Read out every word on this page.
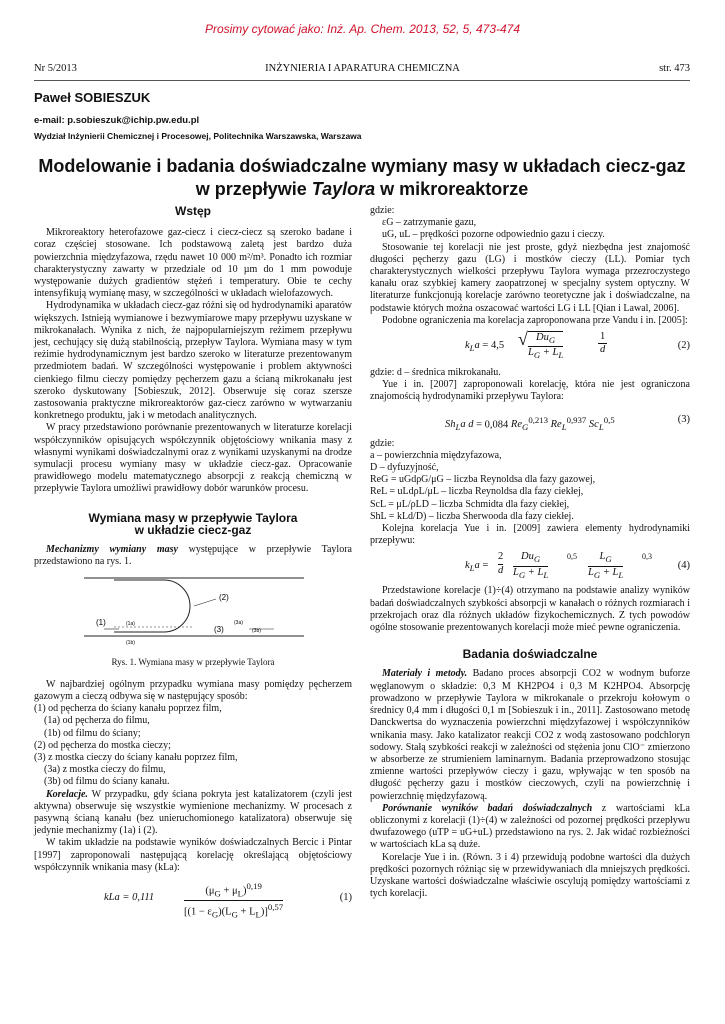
Prosimy cytować jako: Inż. Ap. Chem. 2013, 52, 5, 473-474
Nr 5/2013	INŻYNIERIA I APARATURA CHEMICZNA	str. 473
Paweł SOBIESZUK
e-mail: p.sobieszuk@ichip.pw.edu.pl
Wydział Inżynierii Chemicznej i Procesowej, Politechnika Warszawska, Warszawa
Modelowanie i badania doświadczalne wymiany masy w układach ciecz-gaz
w przepływie Taylora w mikroreaktorze
Wstęp

Mikroreaktory heterofazowe gaz-ciecz i ciecz-ciecz są szeroko badane i coraz częściej stosowane. Ich podstawową zaletą jest bardzo duża powierzchnia międzyfazowa, rzędu nawet 10 000 m²/m³. Ponadto ich rozmiar charakterystyczny zawarty w przedziale od 10 µm do 1 mm powoduje występowanie dużych gradientów stężeń i temperatury. Obie te cechy intensyfikują wymianę masy, w szczególności w układach wielofazowych.

Hydrodynamika w układach ciecz-gaz różni się od hydrodynamiki aparatów większych. Istnieją wymianowe i bezwymiarowe mapy przepływu uzyskane w mikrokanałach. Wynika z nich, że najpopularniejszym reżimem przepływu jest, cechujący się dużą stabilnością, przepływ Taylora. Wymiana masy w tym reżimie hydrodynamicznym jest bardzo szeroko w literaturze prezentowanym przedmiotem badań. W szczególności występowanie i problem aktywności cienkiego filmu cieczy pomiędzy pęcherzem gazu a ścianą mikrokanału jest szeroko dyskutowany [Sobieszuk, 2012]. Obserwuje się coraz szersze zastosowania praktyczne mikroreaktorów gaz-ciecz zarówno w wytwarzaniu konkretnego produktu, jak i w metodach analitycznych.

W pracy przedstawiono porównanie prezentowanych w literaturze korelacji współczynników opisujących współczynnik objętościowy wnikania masy z własnymi wynikami doświadczalnymi oraz z wynikami uzyskanymi na drodze symulacji procesu wymiany masy w układzie ciecz-gaz. Opracowanie prawidłowego modelu matematycznego absorpcji z reakcją chemiczną w przepływie Taylora umożliwi prawidłowy dobór warunków procesu.

Wymiana masy w przepływie Taylora
w układzie ciecz-gaz

Mechanizmy wymiany masy występujące w przepływie Taylora przedstawiono na rys. 1.

(2)
(1)	(1a)
(1b)
(3)
(3a)
(3b)
Rys. 1. Wymiana masy w przepływie Taylora

W najbardziej ogólnym przypadku wymiana masy pomiędzy pęcherzem gazowym a cieczą odbywa się w następujący sposób:

(1) od pęcherza do ściany kanału poprzez film,
(1a) od pęcherza do filmu,
(1b) od filmu do ściany;
(2) od pęcherza do mostka cieczy;
(3) z mostka cieczy do ściany kanału poprzez film,
(3a) z mostka cieczy do filmu,
(3b) od filmu do ściany kanału.

Korelacje. W przypadku, gdy ściana pokryta jest katalizatorem (czyli jest aktywna) obserwuje się wszystkie wymienione mechanizmy. W procesach z pasywną ścianą kanału (bez unieruchomionego katalizatora) obserwuje się jedynie mechanizmy (1a) i (2).

W takim układzie na podstawie wyników doświadczalnych Bercic i Pintar [1997] zaproponowali następującą korelację określającą objętościowy współczynnik wnikania masy (kLa):

kLa = 0,111
$(\mu_G + \mu_L)^{0,19}$
$[(1 - \varepsilon_G)(L_G + L_L)]^{0,57}$
(1)

gdzie:

εG – zatrzymanie gazu,

uG, uL – prędkości pozorne odpowiednio gazu i cieczy.

Stosowanie tej korelacji nie jest proste, gdyż niezbędna jest znajomość długości pęcherzy gazu (LG) i mostków cieczy (LL). Pomiar tych charakterystycznych wielkości przepływu Taylora wymaga przezroczystego kanału oraz szybkiej kamery zaopatrzonej w specjalny system optyczny. W literaturze funkcjonują korelacje zarówno teoretyczne jak i doświadczalne, na podstawie których można oszacować wartości LG i LL [Qian i Lawal, 2006].

Podobne ograniczenia ma korelacja zaproponowana prze Vandu i in. [2005]:

$k_La = 4,5$ √ $Du_G$
$L_G + L_L$
1
d	(2)

gdzie: d – średnica mikrokanału.

Yue i in. [2007] zaproponowali korelację, która nie jest ograniczona znajomością hydrodynamiki przepływu Taylora:

$Sh_La$ d = 0,084 $Re_G^{0,213}$ $Re_L^{0,937}$ $Sc_L^{0,5}$	(3)

gdzie:

a – powierzchnia międzyfazowa,
D – dyfuzyjność,
ReG = uGdρG/μG – liczba Reynoldsa dla fazy gazowej,
ReL = uLdρL/μL – liczba Reynoldsa dla fazy ciekłej,
ScL = μL/ρLD – liczba Schmidta dla fazy ciekłej,
ShL = kLd/D) – liczba Sherwooda dla fazy ciekłej.

Kolejna korelacja Yue i in. [2009] zawiera elementy hydrodynamiki przepływu:

$k_La$ =
2
d
$Du_G$
$L_G + L_L$
0,5	$L_G$
$L_G + L_L$
0,3
(4)

Przedstawione korelacje (1)÷(4) otrzymano na podstawie analizy wyników badań doświadczalnych szybkości absorpcji w kanałach o różnych rozmiarach i przekrojach oraz dla różnych układów fizykochemicznych. Z tych powodów ogólne stosowanie prezentowanych korelacji może mieć pewne ograniczenia.

Badania doświadczalne

Materiały i metody. Badano proces absorpcji CO2 w wodnym buforze węglanowym o składzie: 0,3 M KH2PO4 i 0,3 M K2HPO4. Absorpcję prowadzono w przepływie Taylora w mikrokanale o przekroju kołowym o średnicy 0,4 mm i długości 0,1 m [Sobieszuk i in., 2011]. Zastosowano metodę Danckwertsa do wyznaczenia powierzchni międzyfazowej i współczynników wnikania masy. Jako katalizator reakcji CO2 z wodą zastosowano podchloryn sodowy. Stałą szybkości reakcji w zależności od stężenia jonu ClO⁻ zmierzono w absorberze ze strumieniem laminarnym. Badania przeprowadzono stosując zmienne wartości przepływów cieczy i gazu, wpływając w ten sposób na długość pęcherzy gazu i mostków cieczowych, czyli na powierzchnię i powierzchnię międzyfazową.

Porównanie wyników badań doświadczalnych z wartościami kLa obliczonymi z korelacji (1)÷(4) w zależności od pozornej prędkości przepływu dwufazowego (uTP = uG+uL) przedstawiono na rys. 2. Jak widać rozbieżności w wartościach kLa są duże.

Korelacje Yue i in. (Równ. 3 i 4) przewidują podobne wartości dla dużych prędkości pozornych różniąc się w przewidywaniach dla mniejszych prędkości. Uzyskane wartości doświadczalne właściwie oscylują pomiędzy wartościami z tych korelacji.
